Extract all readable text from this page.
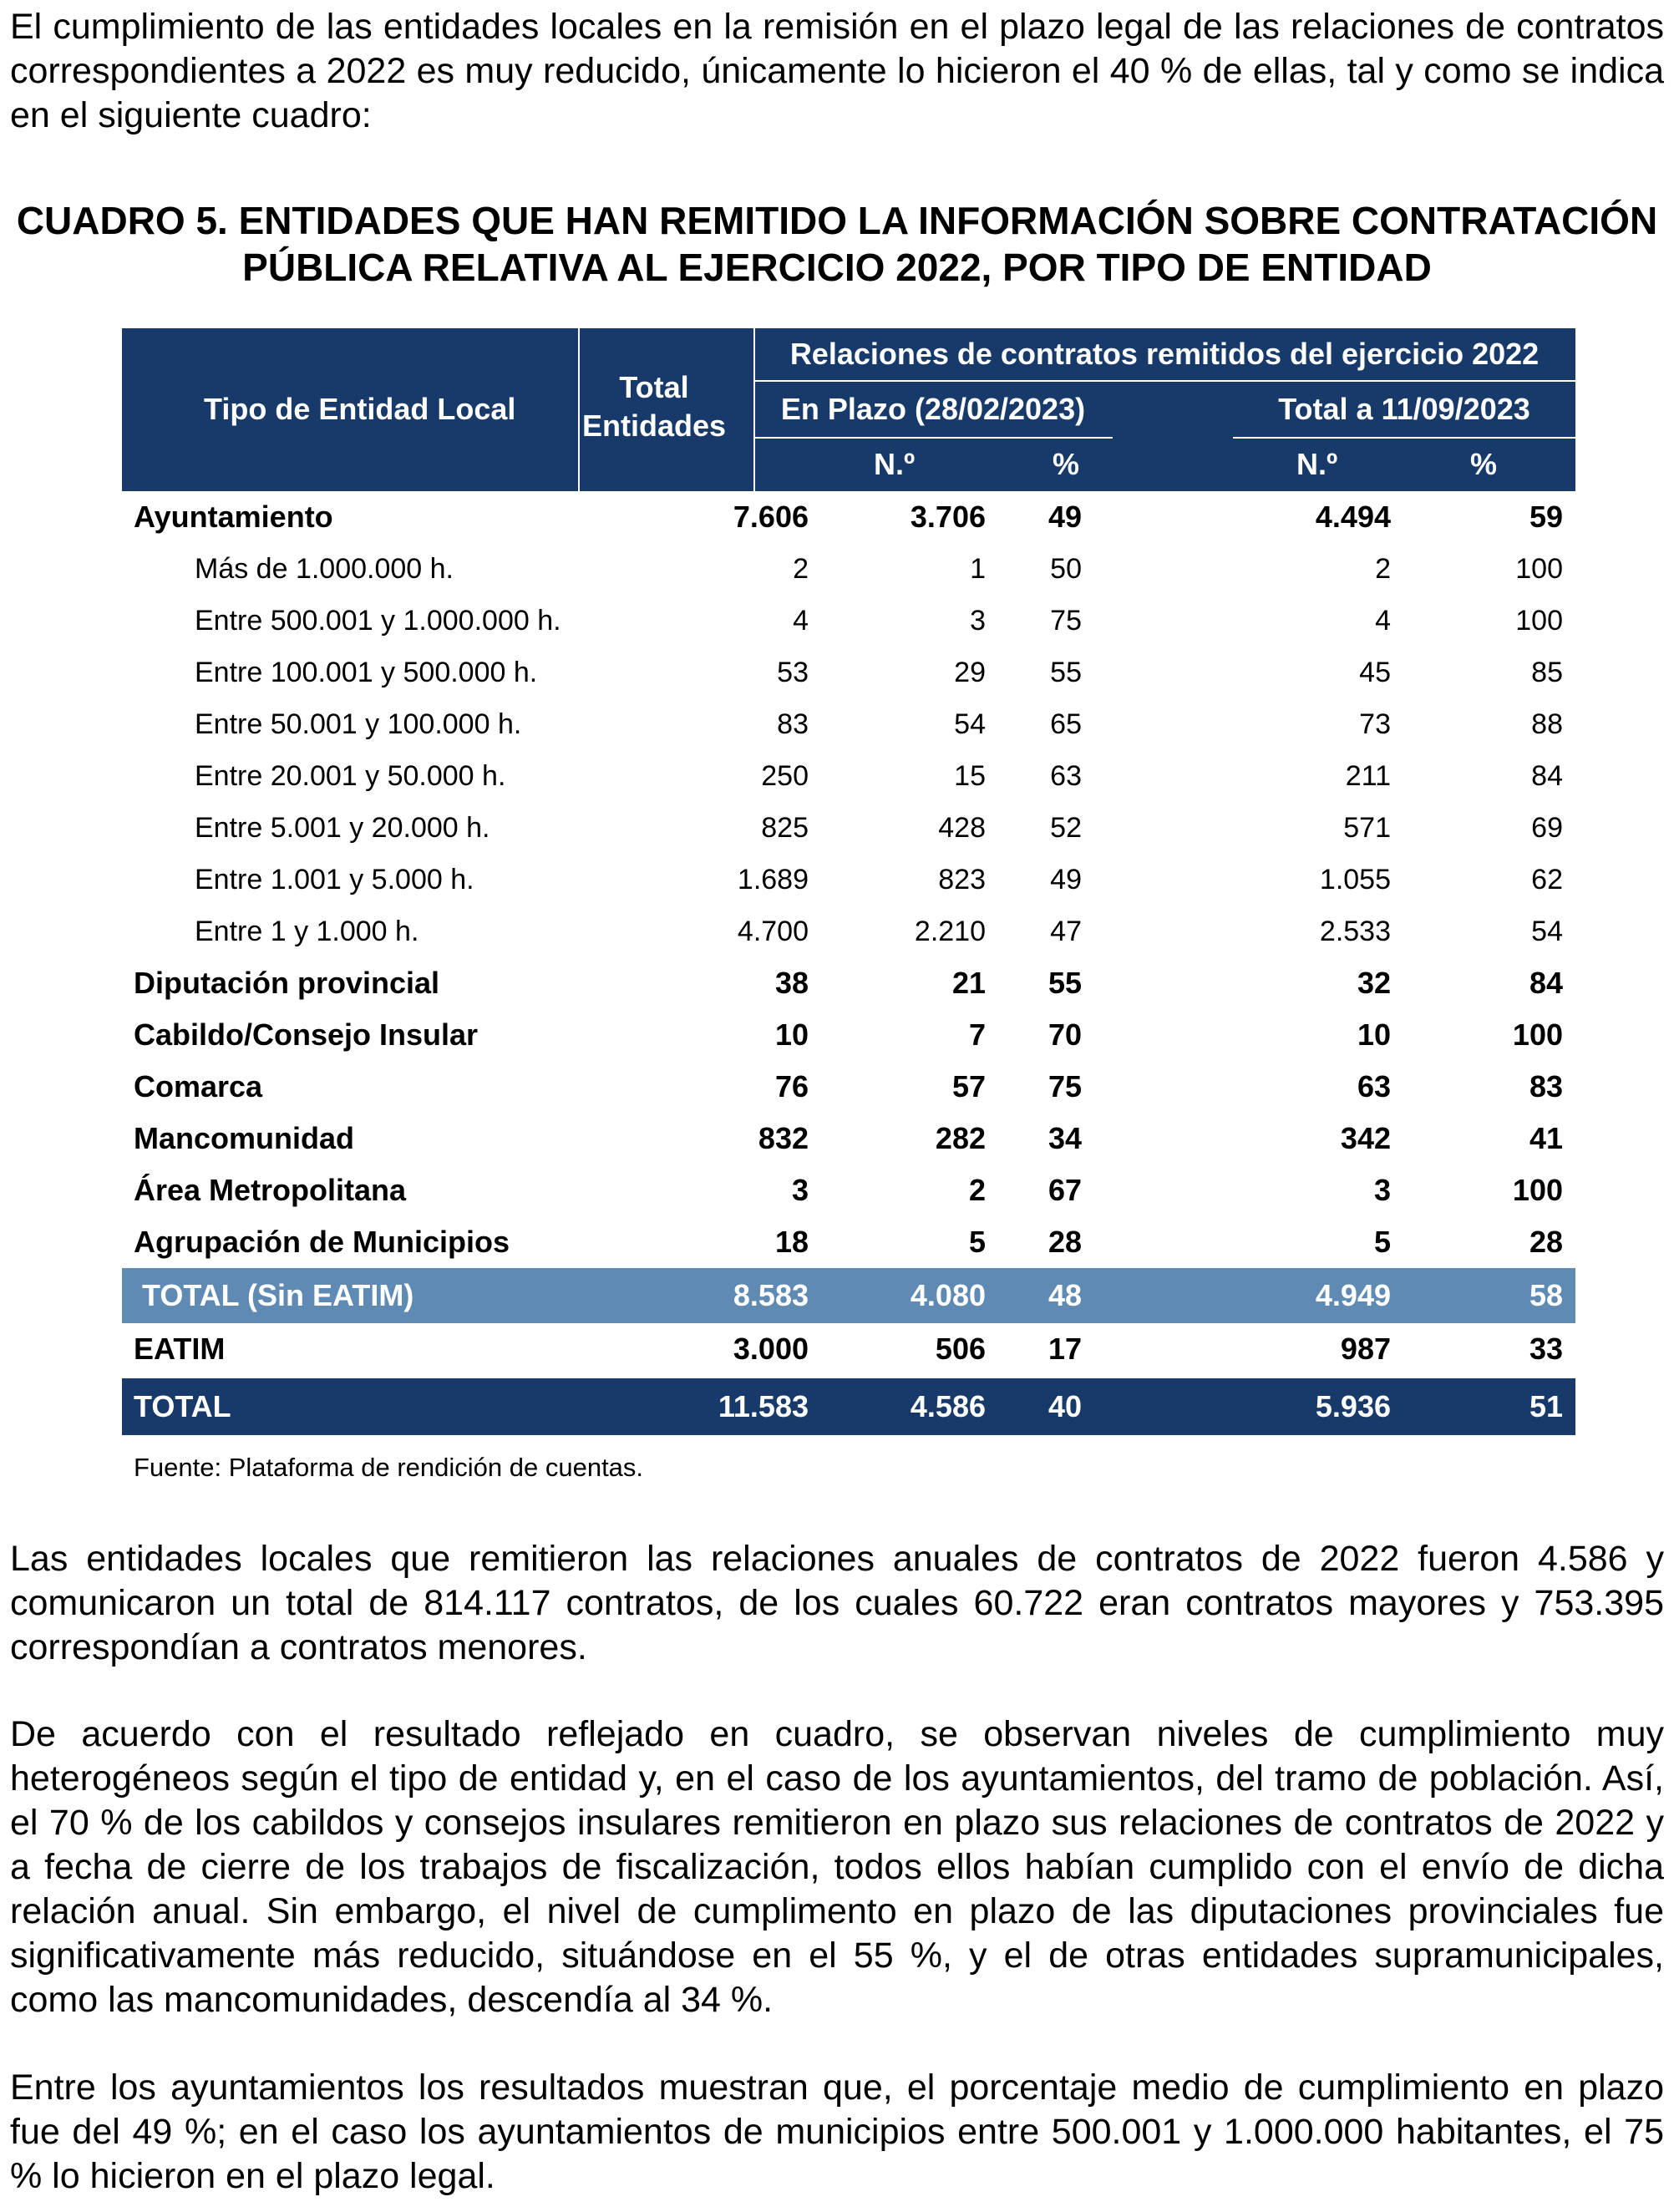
El cumplimiento de las entidades locales en la remisión en el plazo legal de las relaciones de contratos correspondientes a 2022 es muy reducido, únicamente lo hicieron el 40 % de ellas, tal y como se indica en el siguiente cuadro:

CUADRO 5. ENTIDADES QUE HAN REMITIDO LA INFORMACIÓN SOBRE CONTRATACIÓN
PÚBLICA RELATIVA AL EJERCICIO 2022, POR TIPO DE ENTIDAD
Tipo de Entidad Local
Total
Entidades
Relaciones de contratos remitidos del ejercicio 2022
En Plazo (28/02/2023)	Total a 11/09/2023
N.º	%	N.º	%
Ayuntamiento	7.606	3.706 49	4.494	59
Más de 1.000.000 h.	2	1 50	2	100
Entre 500.001 y 1.000.000 h.	4	3 75	4	100
Entre 100.001 y 500.000 h.	53	29 55	45	85
Entre 50.001 y 100.000 h.	83	54 65	73	88
Entre 20.001 y 50.000 h.	250	15 63	211	84
Entre 5.001 y 20.000 h.	825	428 52	571	69
Entre 1.001 y 5.000 h.	1.689	823 49	1.055	62
Entre 1 y 1.000 h.	4.700	2.210 47	2.533	54
Diputación provincial	38	21 55	32	84
Cabildo/Consejo Insular	10	7 70	10	100
Comarca	76	57 75	63	83
Mancomunidad	832	282 34	342	41
Área Metropolitana	3	2 67	3	100
Agrupación de Municipios	18	5 28	5	28
TOTAL (Sin EATIM)	8.583	4.080 48	4.949	58
EATIM	3.000	506 17	987	33
TOTAL	11.583	4.586 40	5.936	51
Fuente: Plataforma de rendición de cuentas.

Las entidades locales que remitieron las relaciones anuales de contratos de 2022 fueron 4.586 y comunicaron un total de 814.117 contratos, de los cuales 60.722 eran contratos mayores y 753.395 correspondían a contratos menores.

De acuerdo con el resultado reflejado en cuadro, se observan niveles de cumplimiento muy heterogéneos según el tipo de entidad y, en el caso de los ayuntamientos, del tramo de población. Así, el 70 % de los cabildos y consejos insulares remitieron en plazo sus relaciones de contratos de 2022 y a fecha de cierre de los trabajos de fiscalización, todos ellos habían cumplido con el envío de dicha relación anual. Sin embargo, el nivel de cumplimento en plazo de las diputaciones provinciales fue significativamente más reducido, situándose en el 55 %, y el de otras entidades supramunicipales, como las mancomunidades, descendía al 34 %.

Entre los ayuntamientos los resultados muestran que, el porcentaje medio de cumplimiento en plazo fue del 49 %; en el caso los ayuntamientos de municipios entre 500.001 y 1.000.000 habitantes, el 75 % lo hicieron en el plazo legal.
